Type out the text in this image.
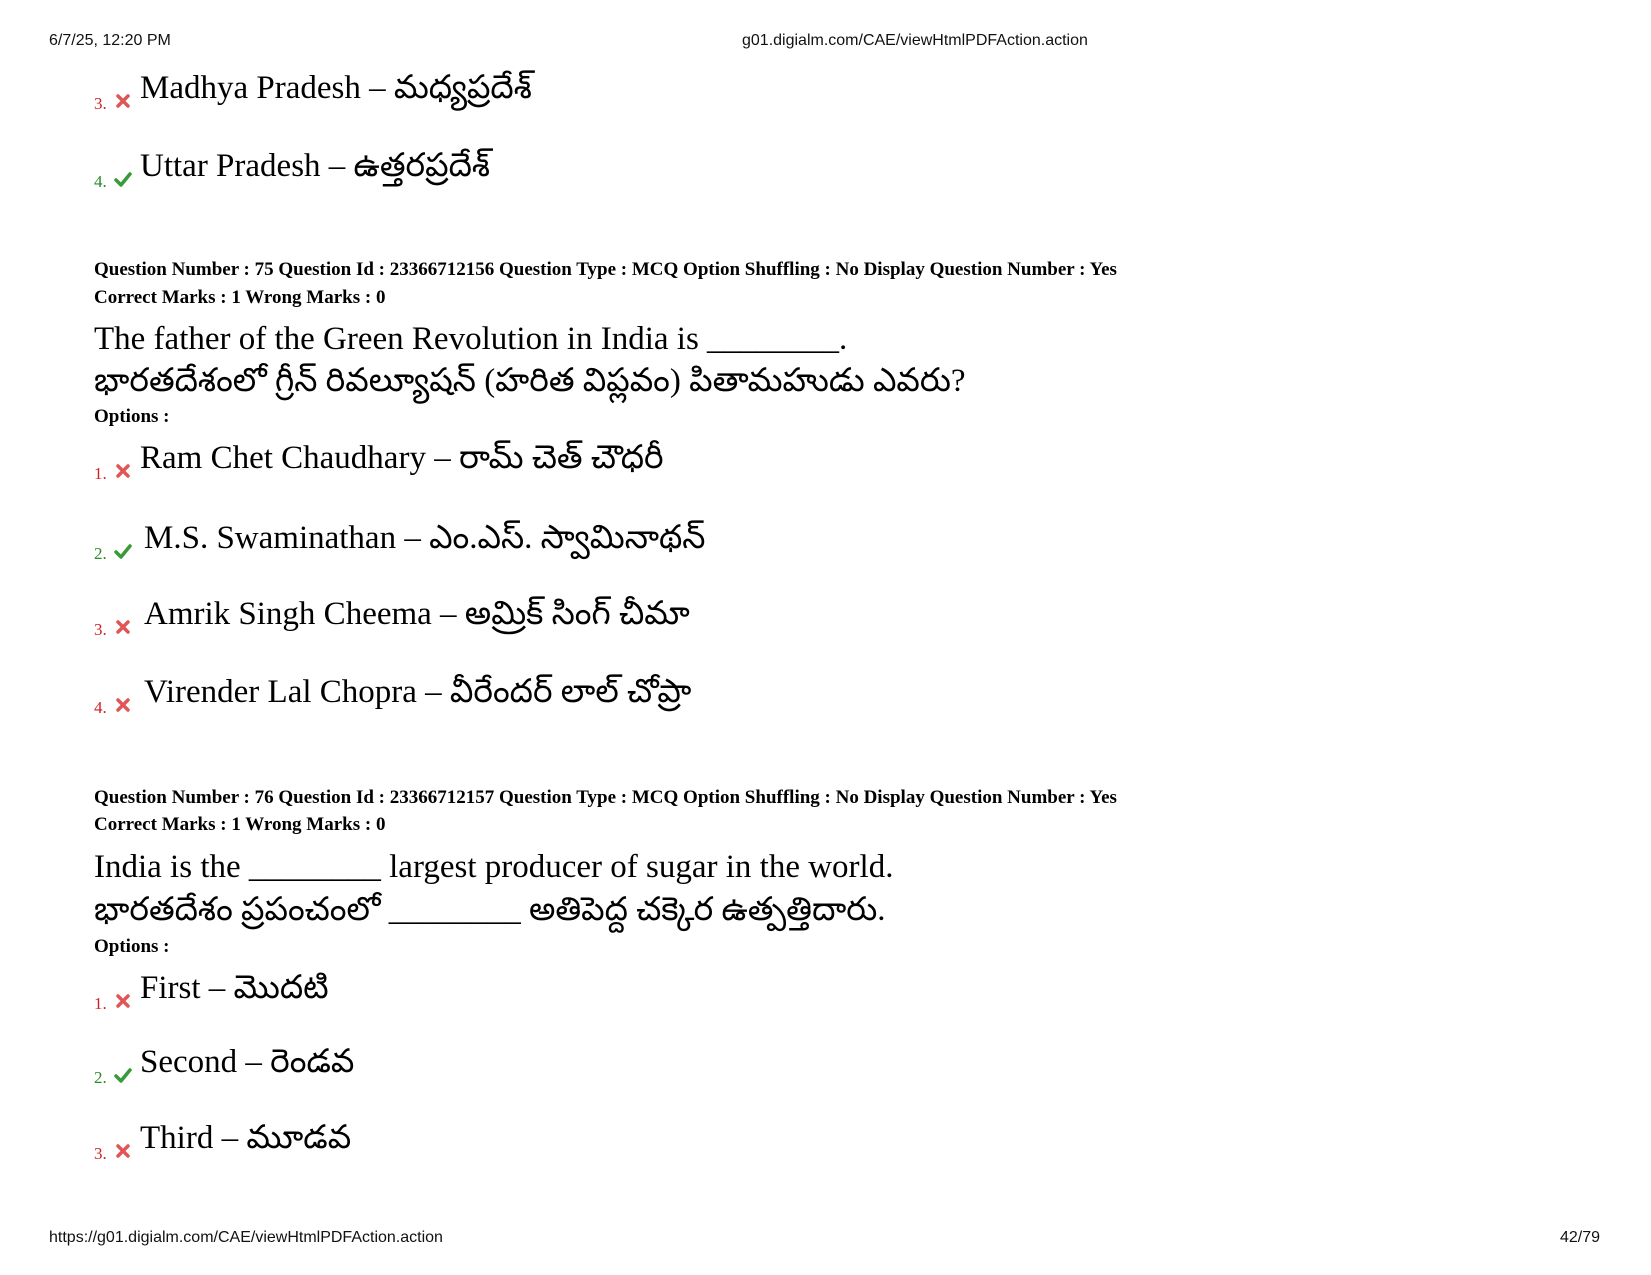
6/7/25, 12:20 PM	g01.digialm.com/CAE/viewHtmlPDFAction.action
https://g01.digialm.com/CAE/viewHtmlPDFAction.action	42/79
3. Madhya Pradesh – మధ్యప్రదేశ్
4. Uttar Pradesh – ఉత్తరప్రదేశ్
Question Number : 75 Question Id : 23366712156 Question Type : MCQ Option Shuffling : No Display Question Number : Yes
Correct Marks : 1 Wrong Marks : 0
The father of the Green Revolution in India is ________.
భారతదేశంలో గ్రీన్ రివల్యూషన్ (హరిత విప్లవం) పితామహుడు ఎవరు?
Options :
1. Ram Chet Chaudhary – రామ్ చెత్ చౌధరీ
2. M.S. Swaminathan – ఎం.ఎస్. స్వామినాథన్
3. Amrik Singh Cheema – అమ్రిక్ సింగ్ చీమా
4. Virender Lal Chopra – వీరేందర్ లాల్ చోప్రా
Question Number : 76 Question Id : 23366712157 Question Type : MCQ Option Shuffling : No Display Question Number : Yes
Correct Marks : 1 Wrong Marks : 0
India is the ________ largest producer of sugar in the world.
భారతదేశం ప్రపంచంలో ________ అతిపెద్ద చక్కెర ఉత్పత్తిదారు.
Options :
1. First – మొదటి
2. Second – రెండవ
3. Third – మూడవ
